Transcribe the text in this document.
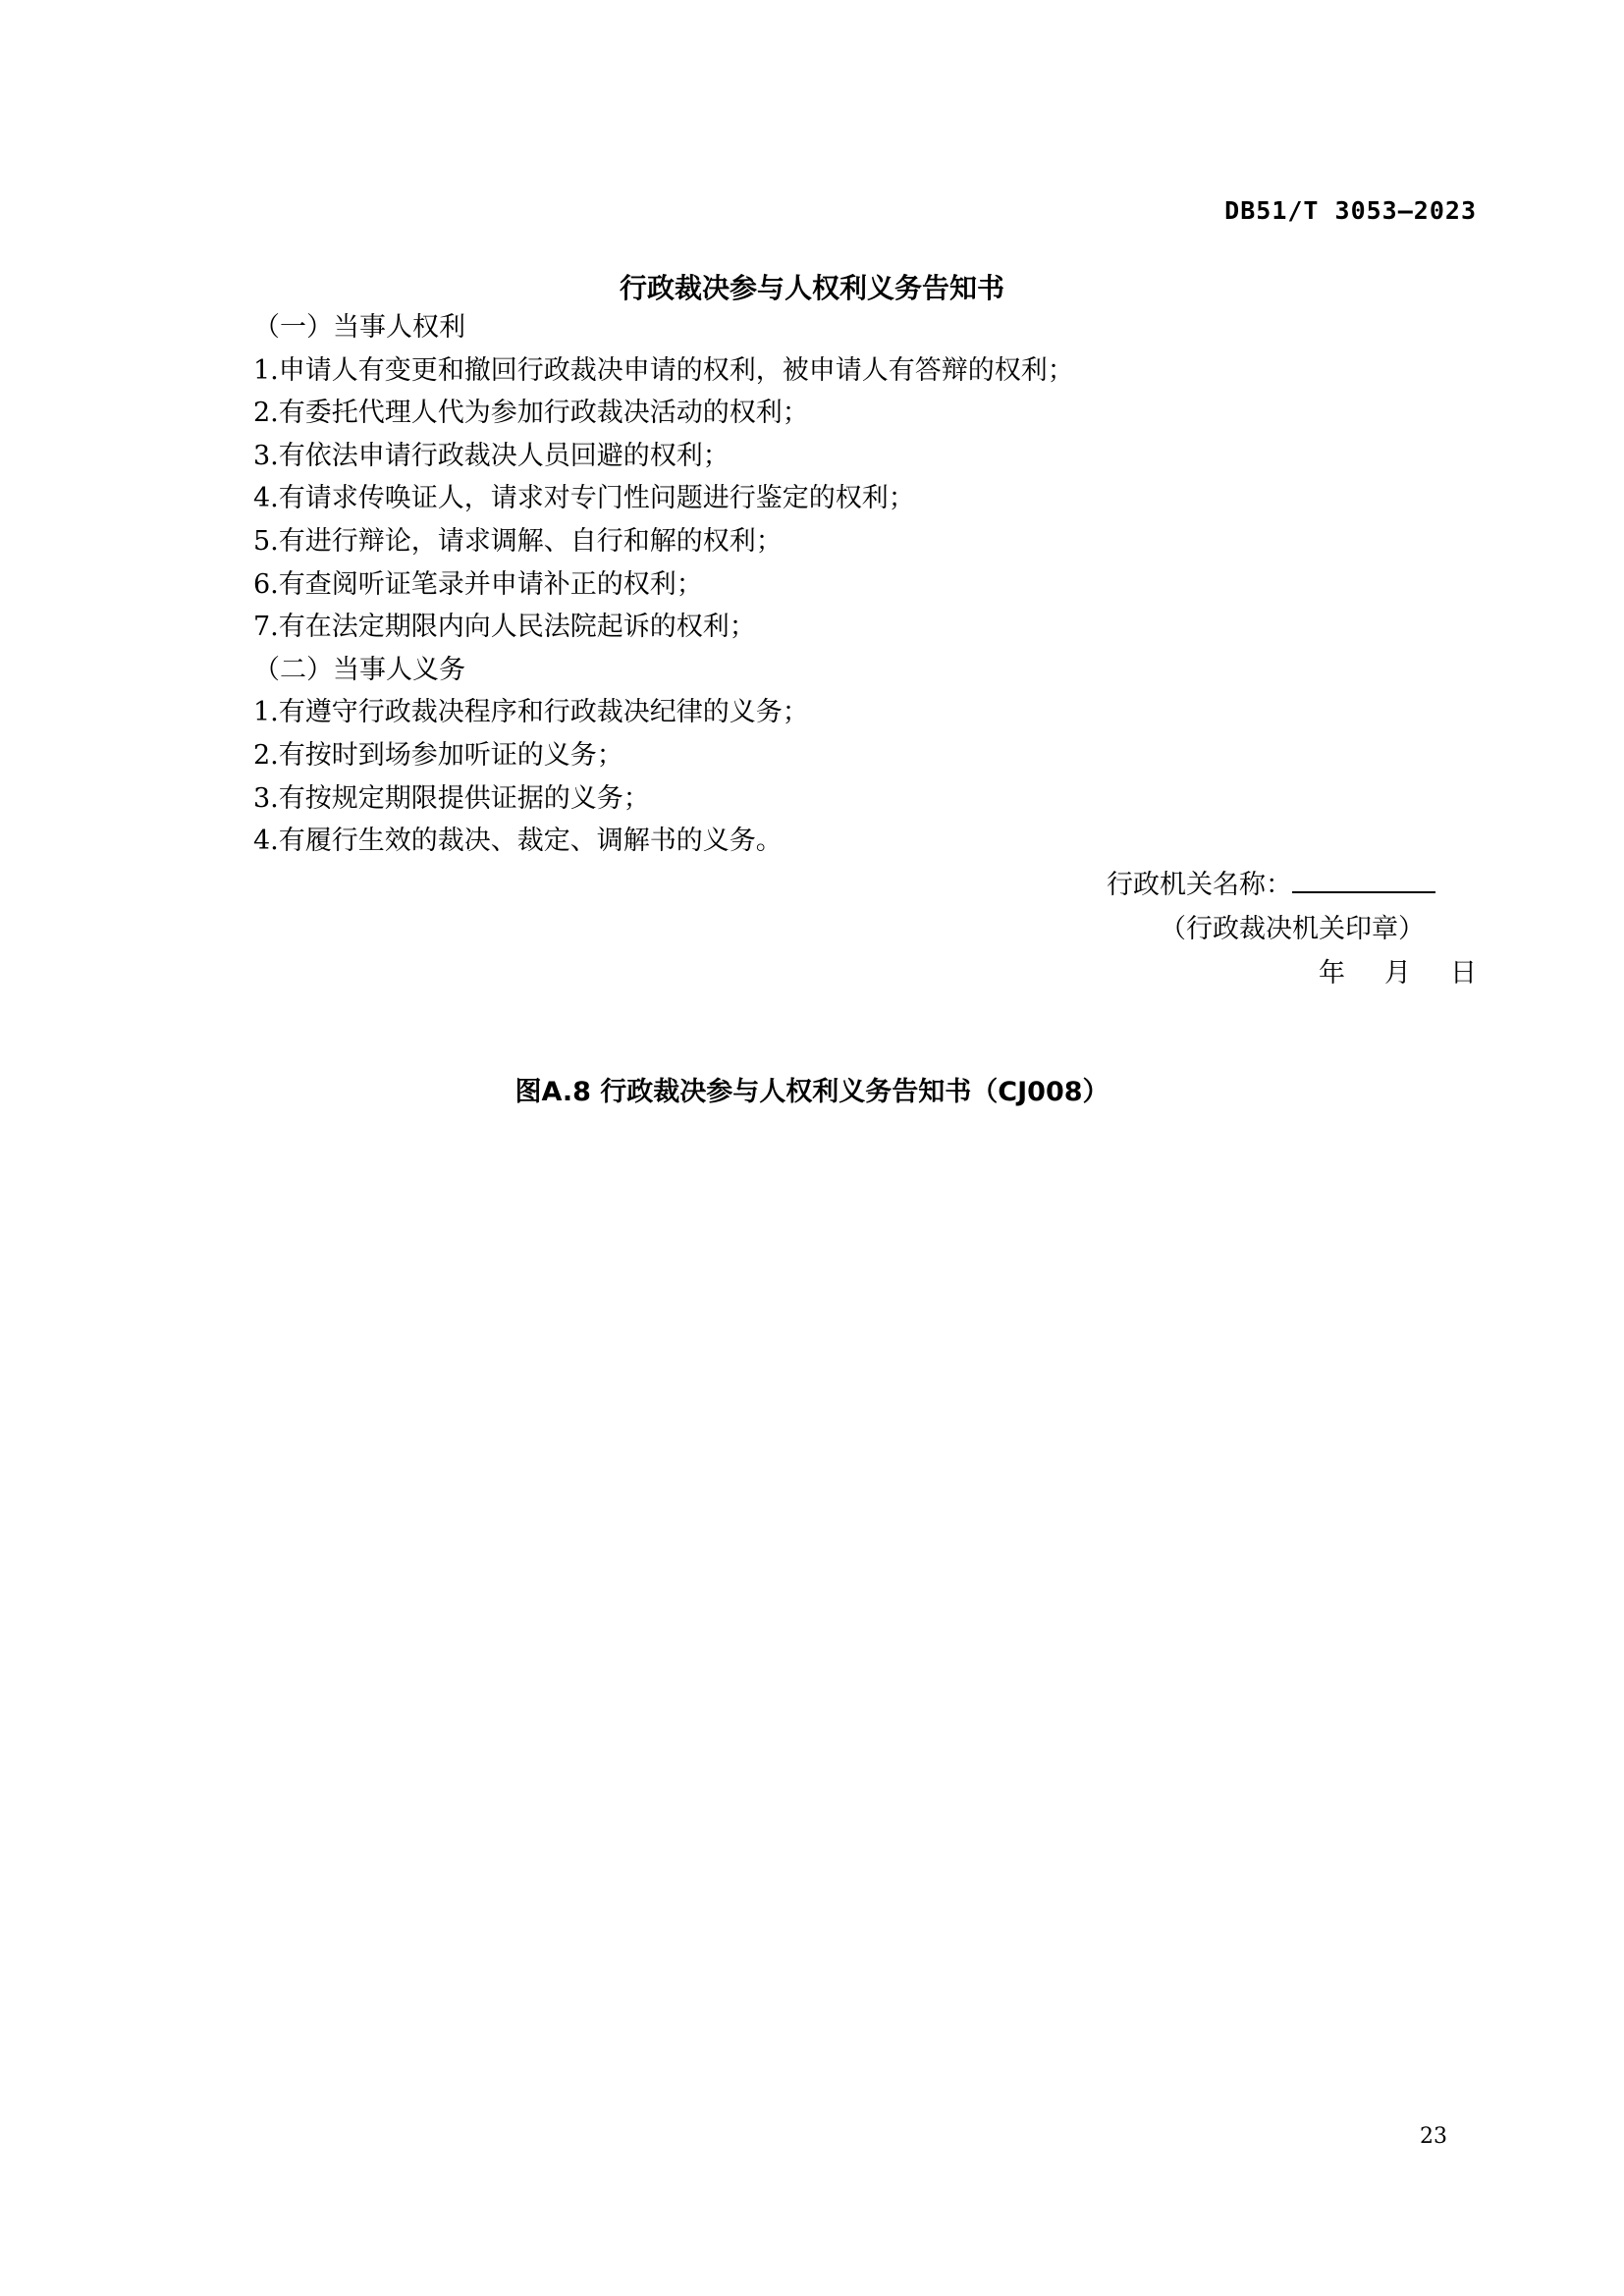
DB51/T 3053—2023
行政裁决参与人权利义务告知书
（一）当事人权利
1.申请人有变更和撤回行政裁决申请的权利，被申请人有答辩的权利；
2.有委托代理人代为参加行政裁决活动的权利；
3.有依法申请行政裁决人员回避的权利；
4.有请求传唤证人，请求对专门性问题进行鉴定的权利；
5.有进行辩论，请求调解、自行和解的权利；
6.有查阅听证笔录并申请补正的权利；
7.有在法定期限内向人民法院起诉的权利；
（二）当事人义务
1.有遵守行政裁决程序和行政裁决纪律的义务；
2.有按时到场参加听证的义务；
3.有按规定期限提供证据的义务；
4.有履行生效的裁决、裁定、调解书的义务。
行政机关名称：
（行政裁决机关印章）
年 月 日
图A.8 行政裁决参与人权利义务告知书（CJ008）
23
